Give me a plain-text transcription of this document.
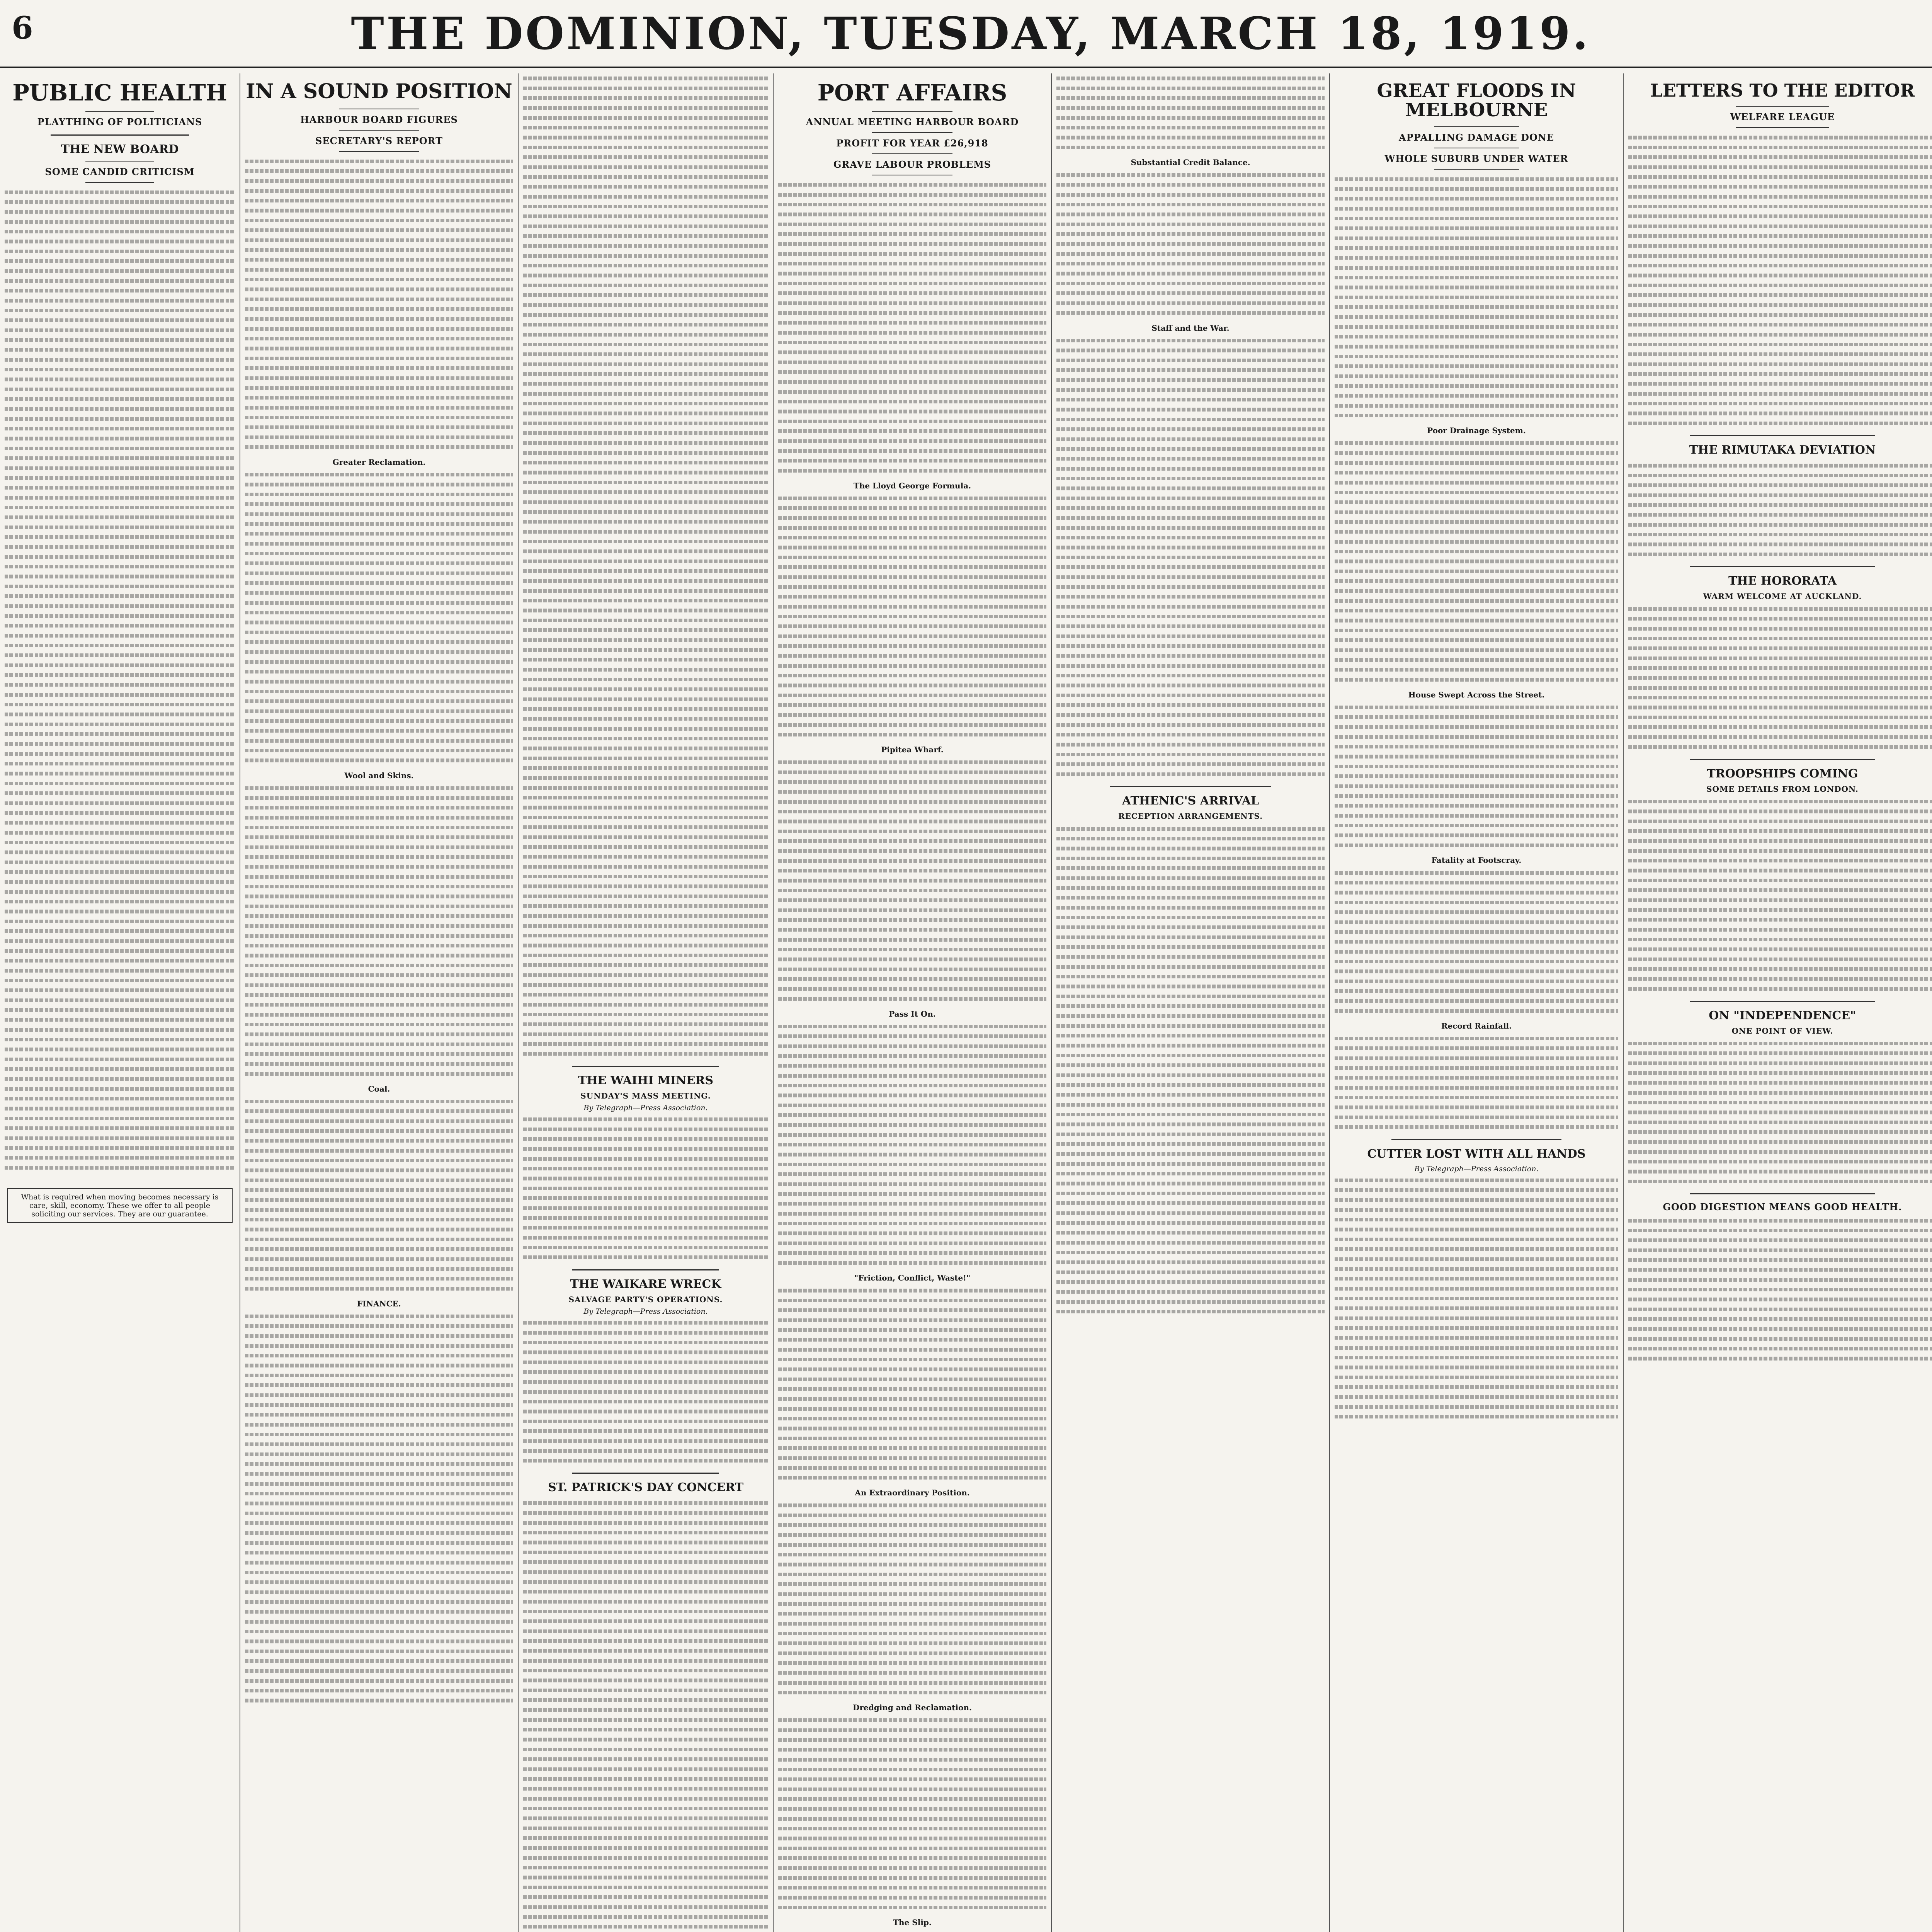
6	THE DOMINION, TUESDAY, MARCH 18, 1919.
PUBLIC HEALTH
PLAYTHING OF POLITICIANS
THE NEW BOARD
SOME CANDID CRITICISM
What is required when moving becomes necessary is care, skill, economy. These we offer to all people soliciting our services. They are our guarantee.
IN A SOUND POSITION
HARBOUR BOARD FIGURES
SECRETARY'S REPORT
Greater Reclamation.
Wool and Skins.
Coal.
FINANCE.
THE WAIHI MINERS
SUNDAY'S MASS MEETING.
By Telegraph—Press Association.
THE WAIKARE WRECK
SALVAGE PARTY'S OPERATIONS.
By Telegraph—Press Association.
ST. PATRICK'S DAY CONCERT
PORT AFFAIRS
ANNUAL MEETING HARBOUR BOARD
PROFIT FOR YEAR £26,918
GRAVE LABOUR PROBLEMS
The Lloyd George Formula.
Pipitea Wharf.
Pass It On.
"Friction, Conflict, Waste!"
An Extraordinary Position.
Dredging and Reclamation.
The Slip.
Substantial Credit Balance.
Staff and the War.
ATHENIC'S ARRIVAL
RECEPTION ARRANGEMENTS.
GREAT FLOODS IN MELBOURNE
APPALLING DAMAGE DONE
WHOLE SUBURB UNDER WATER
Poor Drainage System.
House Swept Across the Street.
Fatality at Footscray.
Record Rainfall.
CUTTER LOST WITH ALL HANDS
By Telegraph—Press Association.
LETTERS TO THE EDITOR
WELFARE LEAGUE
THE RIMUTAKA DEVIATION
THE HORORATA
WARM WELCOME AT AUCKLAND.
TROOPSHIPS COMING
SOME DETAILS FROM LONDON.
ON "INDEPENDENCE"
ONE POINT OF VIEW.
GOOD DIGESTION MEANS GOOD HEALTH.
